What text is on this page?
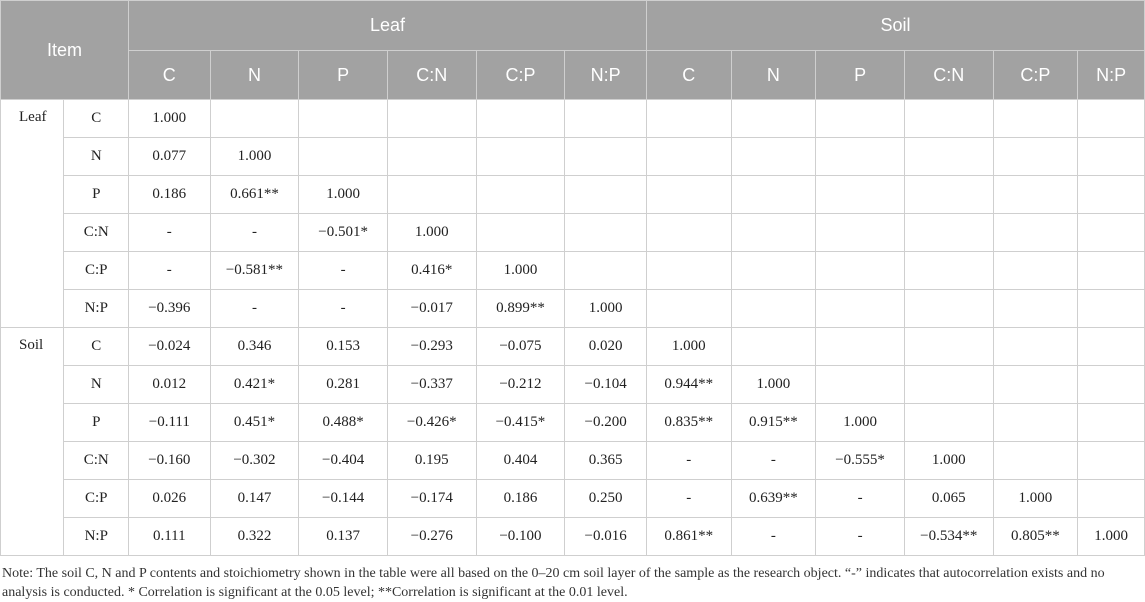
Item		Leaf						Soil					
		C	N	P	C:N	C:P	N:P	C	N	P	C:N	C:P	N:P
Leaf	C	1.000											
	N	0.077	1.000										
	P	0.186	0.661**	1.000									
	C:N	-	-	−0.501*	1.000								
	C:P	-	−0.581**	-	0.416*	1.000							
	N:P	−0.396	-	-	−0.017	0.899**	1.000						
Soil	C	−0.024	0.346	0.153	−0.293	−0.075	0.020	1.000					
	N	0.012	0.421*	0.281	−0.337	−0.212	−0.104	0.944**	1.000				
	P	−0.111	0.451*	0.488*	−0.426*	−0.415*	−0.200	0.835**	0.915**	1.000			
	C:N	−0.160	−0.302	−0.404	0.195	0.404	0.365	-	-	−0.555*	1.000		
	C:P	0.026	0.147	−0.144	−0.174	0.186	0.250	-	0.639**	-	0.065	1.000	
	N:P	0.111	0.322	0.137	−0.276	−0.100	−0.016	0.861**	-	-	−0.534**	0.805**	1.000
Note: The soil C, N and P contents and stoichiometry shown in the table were all based on the 0–20 cm soil layer of the sample as the research object. “-” indicates that autocorrelation exists and no analysis is conducted. * Correlation is significant at the 0.05 level; **Correlation is significant at the 0.01 level.
